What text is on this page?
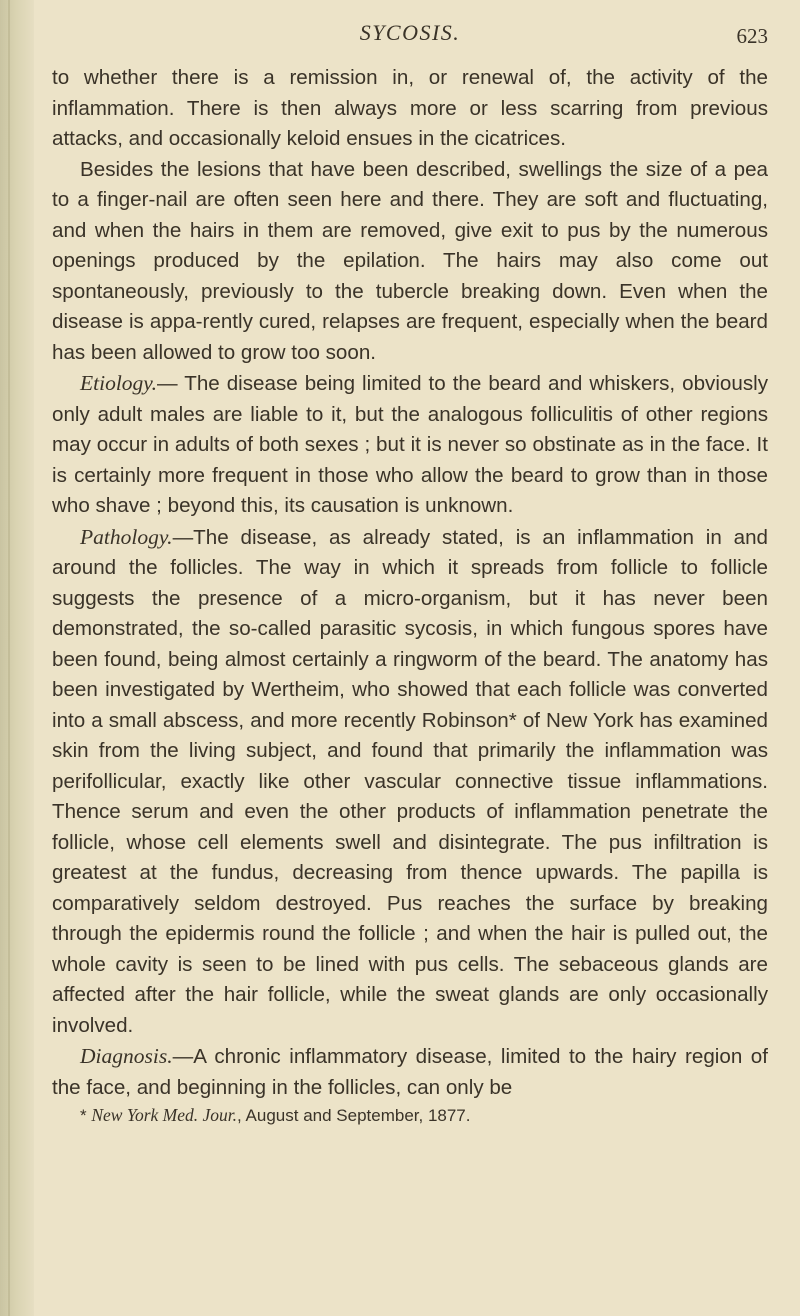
SYCOSIS.	623

to whether there is a remission in, or renewal of, the activity of the inflammation. There is then always more or less scarring from previous attacks, and occasionally keloid ensues in the cicatrices.

Besides the lesions that have been described, swellings the size of a pea to a finger-nail are often seen here and there. They are soft and fluctuating, and when the hairs in them are removed, give exit to pus by the numerous openings produced by the epilation. The hairs may also come out spontaneously, previously to the tubercle breaking down. Even when the disease is appa-rently cured, relapses are frequent, especially when the beard has been allowed to grow too soon.

Etiology.— The disease being limited to the beard and whiskers, obviously only adult males are liable to it, but the analogous folliculitis of other regions may occur in adults of both sexes ; but it is never so obstinate as in the face. It is certainly more frequent in those who allow the beard to grow than in those who shave ; beyond this, its causation is unknown.

Pathology.—The disease, as already stated, is an inflammation in and around the follicles. The way in which it spreads from follicle to follicle suggests the presence of a micro-organism, but it has never been demonstrated, the so-called parasitic sycosis, in which fungous spores have been found, being almost certainly a ringworm of the beard. The anatomy has been investigated by Wertheim, who showed that each follicle was converted into a small abscess, and more recently Robinson* of New York has examined skin from the living subject, and found that primarily the inflammation was perifollicular, exactly like other vascular connective tissue inflammations. Thence serum and even the other products of inflammation penetrate the follicle, whose cell elements swell and disintegrate. The pus infiltration is greatest at the fundus, decreasing from thence upwards. The papilla is comparatively seldom destroyed. Pus reaches the surface by breaking through the epidermis round the follicle ; and when the hair is pulled out, the whole cavity is seen to be lined with pus cells. The sebaceous glands are affected after the hair follicle, while the sweat glands are only occasionally involved.

Diagnosis.—A chronic inflammatory disease, limited to the hairy region of the face, and beginning in the follicles, can only be

* New York Med. Jour., August and September, 1877.
